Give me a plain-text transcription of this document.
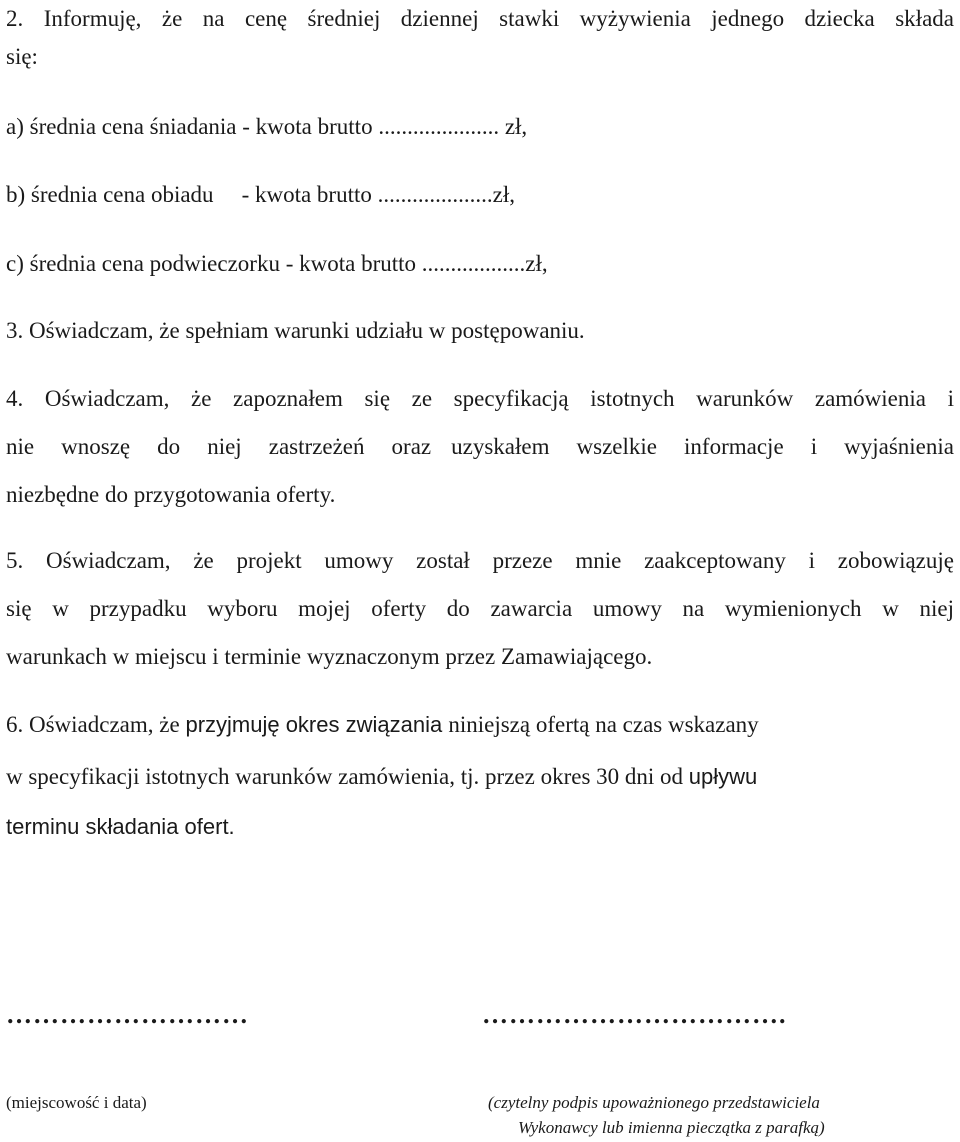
2. Informuję, że na cenę średniej dziennej stawki wyżywienia jednego dziecka składa
się:
a) średnia cena śniadania - kwota brutto ..................... zł,
b) średnia cena obiadu - kwota brutto ....................zł,
c) średnia cena podwieczorku - kwota brutto ..................zł,
3. Oświadczam, że spełniam warunki udziału w postępowaniu.
4. Oświadczam, że zapoznałem się ze specyfikacją istotnych warunków zamówienia i
nie wnoszę do niej zastrzeżeń oraz uzyskałem wszelkie informacje i wyjaśnienia
niezbędne do przygotowania oferty.
5. Oświadczam, że projekt umowy został przeze mnie zaakceptowany i zobowiązuję
się w przypadku wyboru mojej oferty do zawarcia umowy na wymienionych w niej
warunkach w miejscu i terminie wyznaczonym przez Zamawiającego.
6. Oświadczam, że przyjmuję okres związania niniejszą ofertą na czas wskazany
w specyfikacji istotnych warunków zamówienia, tj. przez okres 30 dni od upływu
terminu składania ofert.
………………………	…………………………….
(miejscowość i data)	(czytelny podpis upoważnionego przedstawiciela
Wykonawcy lub imienna pieczątka z parafką)
